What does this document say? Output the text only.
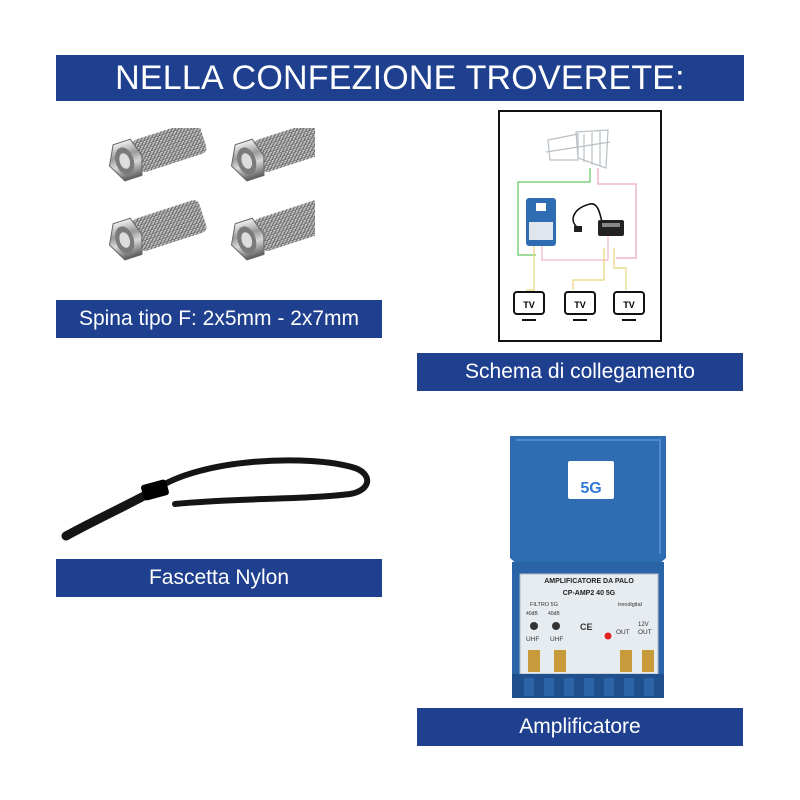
NELLA CONFEZIONE TROVERETE:
Spina tipo F: 2x5mm - 2x7mm
TV	TV	TV
Schema di collegamento
Fascetta Nylon
5G
AMPLIFICATORE DA PALO
CP-AMP2 40 5G
FILTRO 5G	trendigital
40dB 40dB
CE	12V
UHF UHF
OUT OUT
Amplificatore
